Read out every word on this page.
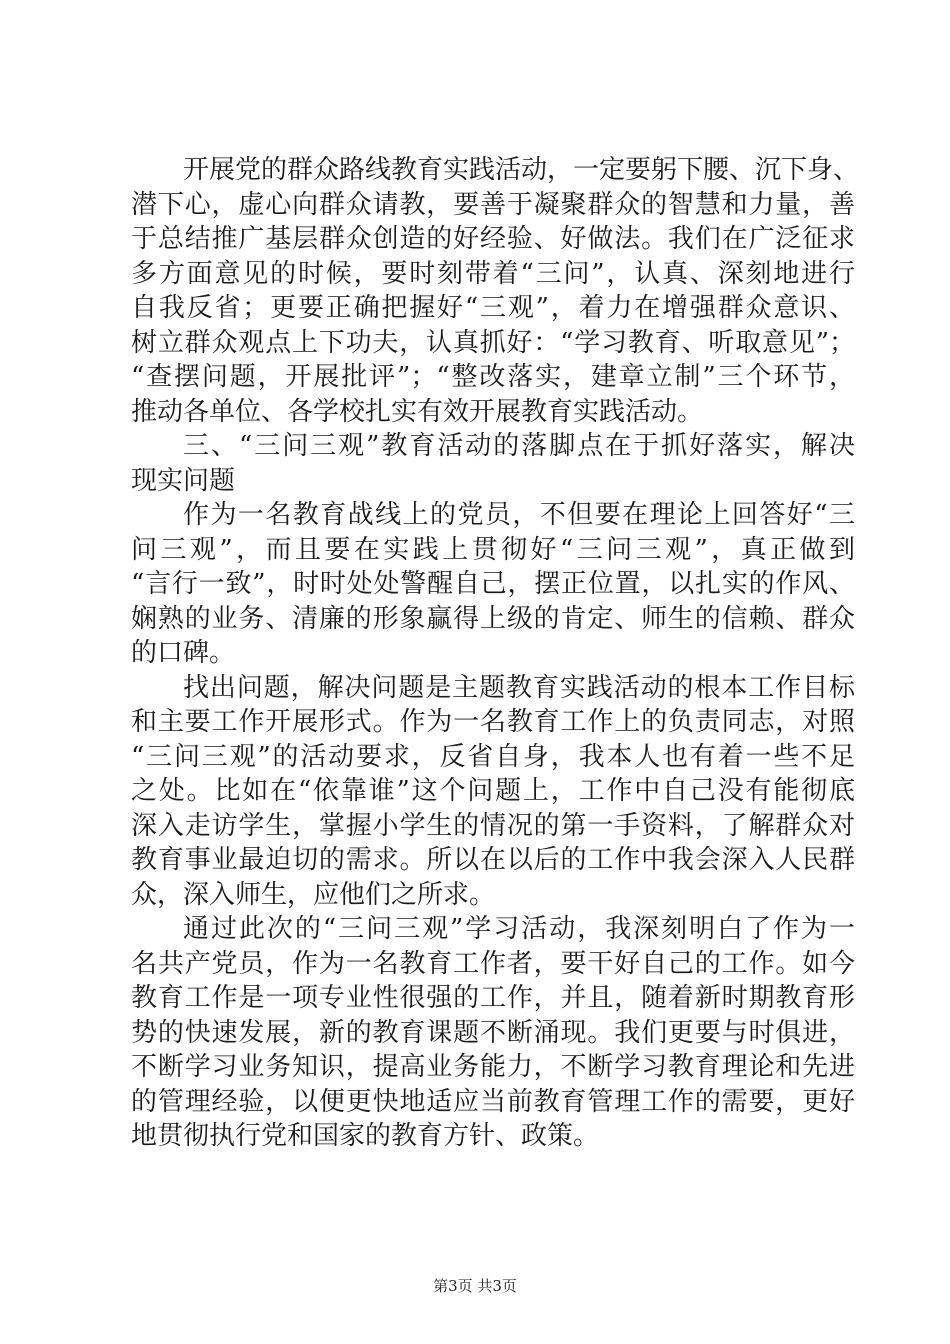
开展党的群众路线教育实践活动，一定要躬下腰、沉下身、
潜下心，虚心向群众请教，要善于凝聚群众的智慧和力量，善
于总结推广基层群众创造的好经验、好做法。我们在广泛征求
多方面意见的时候，要时刻带着“三问”，认真、深刻地进行
自我反省；更要正确把握好“三观”，着力在增强群众意识、
树立群众观点上下功夫，认真抓好：“学习教育、听取意见”；
“查摆问题，开展批评”；“整改落实，建章立制”三个环节，
推动各单位、各学校扎实有效开展教育实践活动。
三、“三问三观”教育活动的落脚点在于抓好落实，解决
现实问题
作为一名教育战线上的党员，不但要在理论上回答好“三
问三观”，而且要在实践上贯彻好“三问三观”，真正做到
“言行一致”，时时处处警醒自己，摆正位置，以扎实的作风、
娴熟的业务、清廉的形象赢得上级的肯定、师生的信赖、群众
的口碑。
找出问题，解决问题是主题教育实践活动的根本工作目标
和主要工作开展形式。作为一名教育工作上的负责同志，对照
“三问三观”的活动要求，反省自身，我本人也有着一些不足
之处。比如在“依靠谁”这个问题上，工作中自己没有能彻底
深入走访学生，掌握小学生的情况的第一手资料，了解群众对
教育事业最迫切的需求。所以在以后的工作中我会深入人民群
众，深入师生，应他们之所求。
通过此次的“三问三观”学习活动，我深刻明白了作为一
名共产党员，作为一名教育工作者，要干好自己的工作。如今
教育工作是一项专业性很强的工作，并且，随着新时期教育形
势的快速发展，新的教育课题不断涌现。我们更要与时俱进，
不断学习业务知识，提高业务能力，不断学习教育理论和先进
的管理经验，以便更快地适应当前教育管理工作的需要，更好
地贯彻执行党和国家的教育方针、政策。
第3页 共3页
